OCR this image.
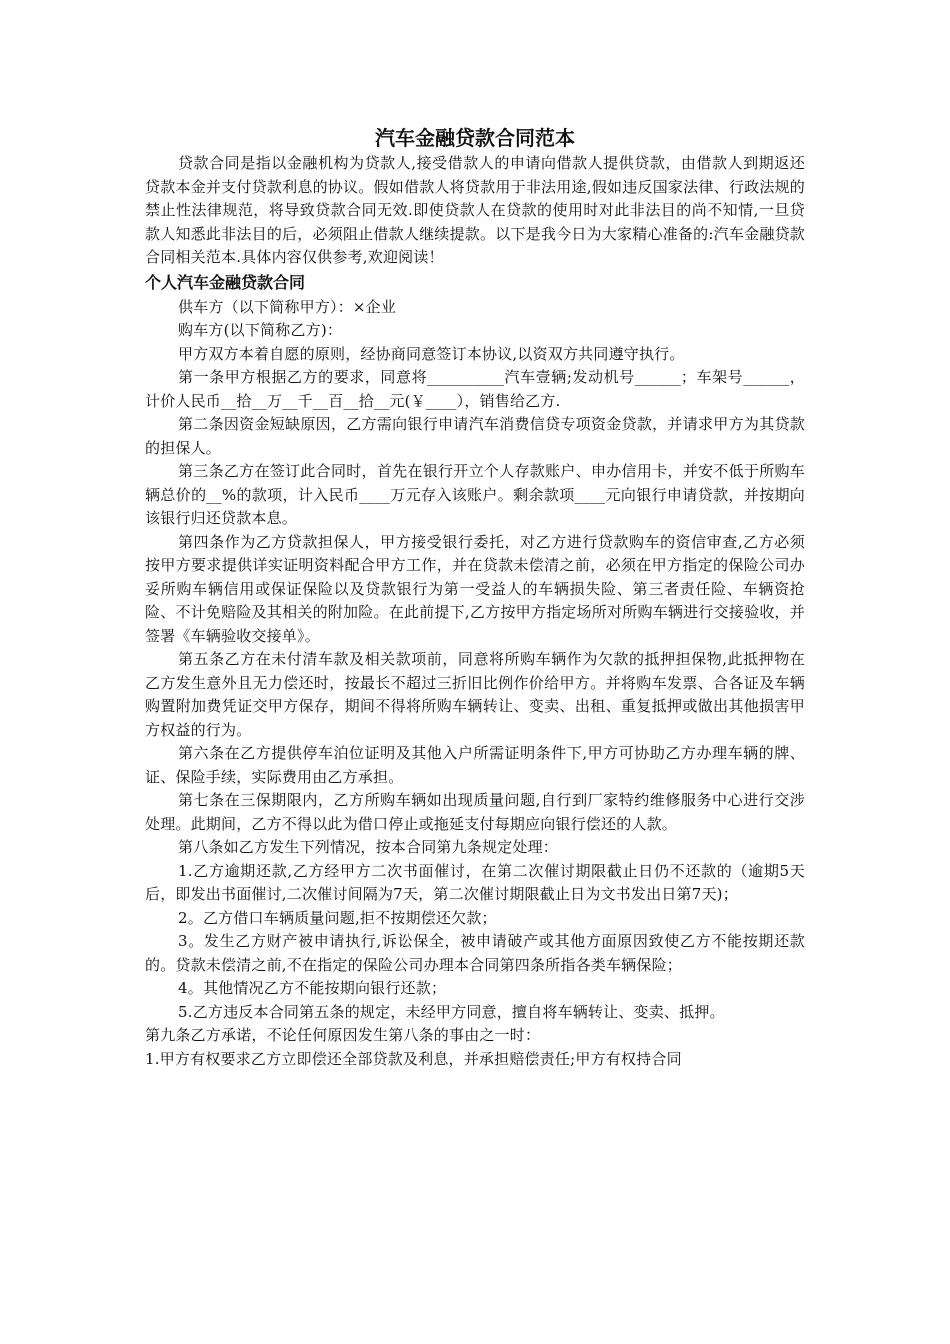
汽车金融贷款合同范本

贷款合同是指以金融机构为贷款人,接受借款人的申请向借款人提供贷款，由借款人到期返还贷款本金并支付贷款利息的协议。假如借款人将贷款用于非法用途,假如违反国家法律、行政法规的禁止性法律规范，将导致贷款合同无效.即使贷款人在贷款的使用时对此非法目的尚不知情,一旦贷款人知悉此非法目的后，必须阻止借款人继续提款。以下是我今日为大家精心准备的:汽车金融贷款合同相关范本.具体内容仅供参考,欢迎阅读！

个人汽车金融贷款合同

供车方（以下简称甲方）：×企业

购车方(以下简称乙方)：

甲方双方本着自愿的原则，经协商同意签订本协议,以资双方共同遵守执行。

第一条甲方根据乙方的要求，同意将__________汽车壹辆;发动机号______；车架号______，计价人民币__拾__万__千__百__拾__元(￥____），销售给乙方.

第二条因资金短缺原因，乙方需向银行申请汽车消费信贷专项资金贷款，并请求甲方为其贷款的担保人。

第三条乙方在签订此合同时，首先在银行开立个人存款账户、申办信用卡，并安不低于所购车辆总价的__%的款项，计入民币____万元存入该账户。剩余款项____元向银行申请贷款，并按期向该银行归还贷款本息。

第四条作为乙方贷款担保人，甲方接受银行委托，对乙方进行贷款购车的资信审查,乙方必须按甲方要求提供详实证明资料配合甲方工作，并在贷款未偿清之前，必须在甲方指定的保险公司办妥所购车辆信用或保证保险以及贷款银行为第一受益人的车辆损失险、第三者责任险、车辆资抢险、不计免赔险及其相关的附加险。在此前提下,乙方按甲方指定场所对所购车辆进行交接验收，并签署《车辆验收交接单》。

第五条乙方在未付清车款及相关款项前，同意将所购车辆作为欠款的抵押担保物,此抵押物在乙方发生意外且无力偿还时，按最长不超过三折旧比例作价给甲方。并将购车发票、合各证及车辆购置附加费凭证交甲方保存，期间不得将所购车辆转让、变卖、出租、重复抵押或做出其他损害甲方权益的行为。

第六条在乙方提供停车泊位证明及其他入户所需证明条件下,甲方可协助乙方办理车辆的牌、证、保险手续，实际费用由乙方承担。

第七条在三保期限内，乙方所购车辆如出现质量问题,自行到厂家特约维修服务中心进行交涉处理。此期间，乙方不得以此为借口停止或拖延支付每期应向银行偿还的人款。

第八条如乙方发生下列情况，按本合同第九条规定处理：

1.乙方逾期还款,乙方经甲方二次书面催讨，在第二次催讨期限截止日仍不还款的（逾期5天后，即发出书面催讨,二次催讨间隔为7天，第二次催讨期限截止日为文书发出日第7天)；

2。乙方借口车辆质量问题,拒不按期偿还欠款；

3。发生乙方财产被申请执行,诉讼保全，被申请破产或其他方面原因致使乙方不能按期还款的。贷款未偿清之前,不在指定的保险公司办理本合同第四条所指各类车辆保险；

4。其他情况乙方不能按期向银行还款；

5.乙方违反本合同第五条的规定，未经甲方同意，擅自将车辆转让、变卖、抵押。

第九条乙方承诺，不论任何原因发生第八条的事由之一时：

1.甲方有权要求乙方立即偿还全部贷款及利息，并承担赔偿责任;甲方有权持合同
